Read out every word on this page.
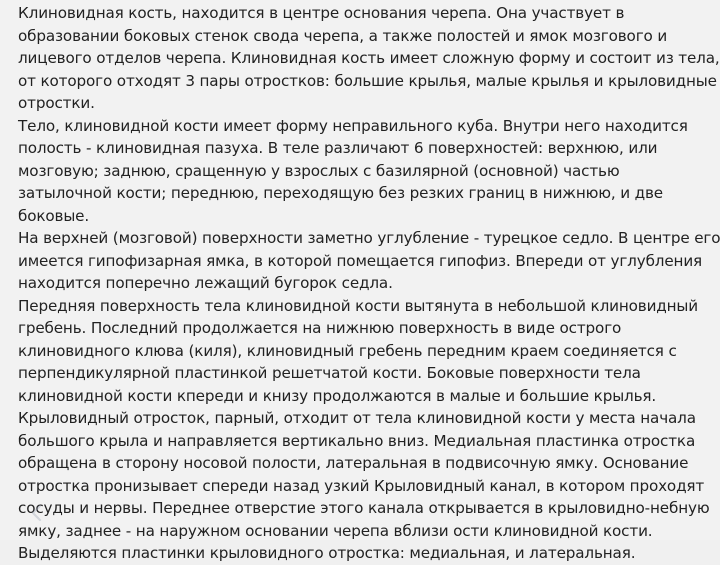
Клиновидная кость, находится в центре основания черепа. Она участвует в
образовании боковых стенок свода черепа, а также полостей и ямок мозгового и
лицевого отделов черепа. Клиновидная кость имеет сложную форму и состоит из тела,
от которого отходят 3 пары отростков: большие крылья, малые крылья и крыловидные
отростки.
Тело, клиновидной кости имеет форму неправильного куба. Внутри него находится
полость - клиновидная пазуха. В теле различают 6 поверхностей: верхнюю, или
мозговую; заднюю, сращенную у взрослых с базилярной (основной) частью
затылочной кости; переднюю, переходящую без резких границ в нижнюю, и две
боковые.
На верхней (мозговой) поверхности заметно углубление - турецкое седло. В центре его
имеется гипофизарная ямка, в которой помещается гипофиз. Впереди от углубления
находится поперечно лежащий бугорок седла.
Передняя поверхность тела клиновидной кости вытянута в небольшой клиновидный
гребень. Последний продолжается на нижнюю поверхность в виде острого
клиновидного клюва (киля), клиновидный гребень передним краем соединяется с
перпендикулярной пластинкой решетчатой кости. Боковые поверхности тела
клиновидной кости кпереди и книзу продолжаются в малые и большие крылья.
Крыловидный отросток, парный, отходит от тела клиновидной кости у места начала
большого крыла и направляется вертикально вниз. Медиальная пластинка отростка
обращена в сторону носовой полости, латеральная в подвисочную ямку. Основание
отростка пронизывает спереди назад узкий Крыловидный канал, в котором проходят
сосуды и нервы. Переднее отверстие этого канала открывается в крыловидно-небную
ямку, заднее - на наружном основании черепа вблизи ости клиновидной кости.
Выделяются пластинки крыловидного отростка: медиальная, и латеральная.
